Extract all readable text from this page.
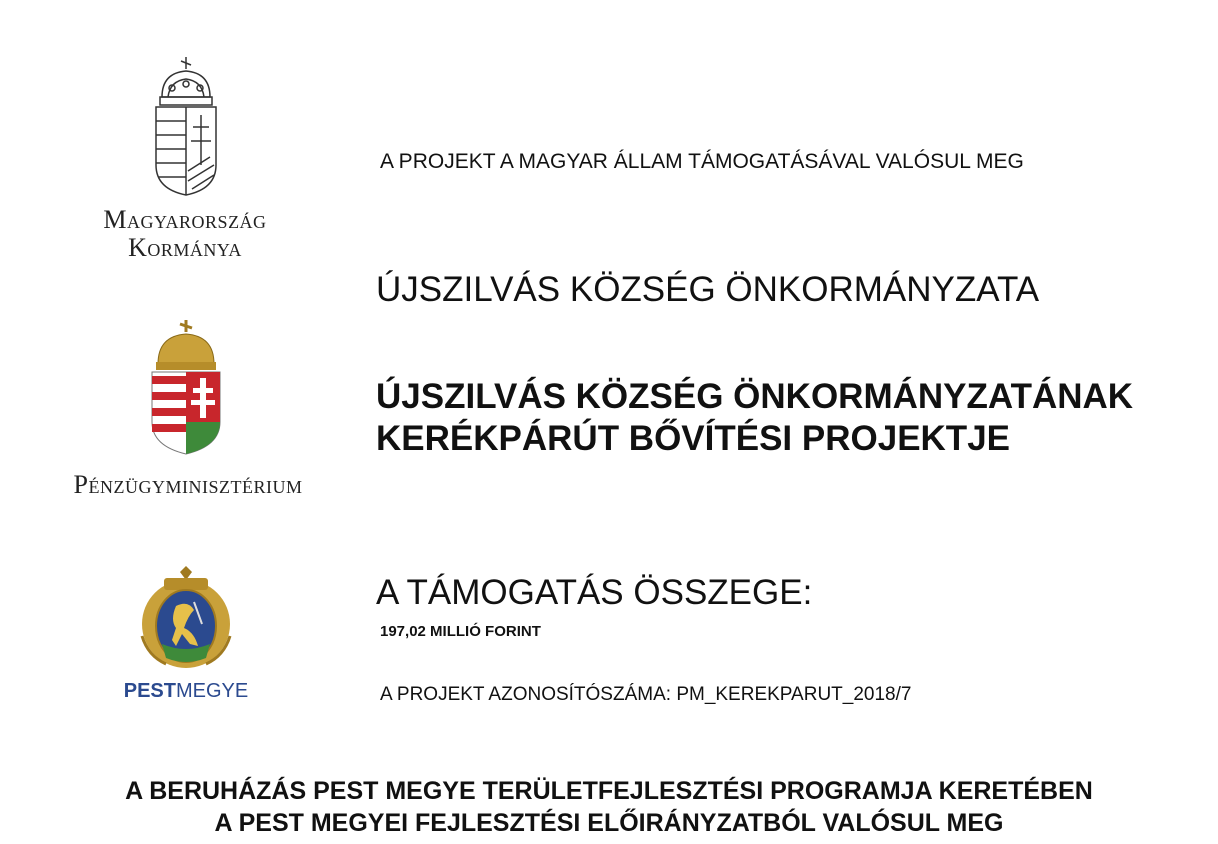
Magyarország
Kormánya
Pénzügyminisztérium
PESTMEGYE
A PROJEKT A MAGYAR ÁLLAM TÁMOGATÁSÁVAL VALÓSUL MEG
ÚJSZILVÁS KÖZSÉG ÖNKORMÁNYZATA
ÚJSZILVÁS KÖZSÉG ÖNKORMÁNYZATÁNAK
KERÉKPÁRÚT BŐVÍTÉSI PROJEKTJE
A TÁMOGATÁS ÖSSZEGE:
197,02 MILLIÓ FORINT
A PROJEKT AZONOSÍTÓSZÁMA: PM_KEREKPARUT_2018/7
A BERUHÁZÁS PEST MEGYE TERÜLETFEJLESZTÉSI PROGRAMJA KERETÉBEN
A PEST MEGYEI FEJLESZTÉSI ELŐIRÁNYZATBÓL VALÓSUL MEG
